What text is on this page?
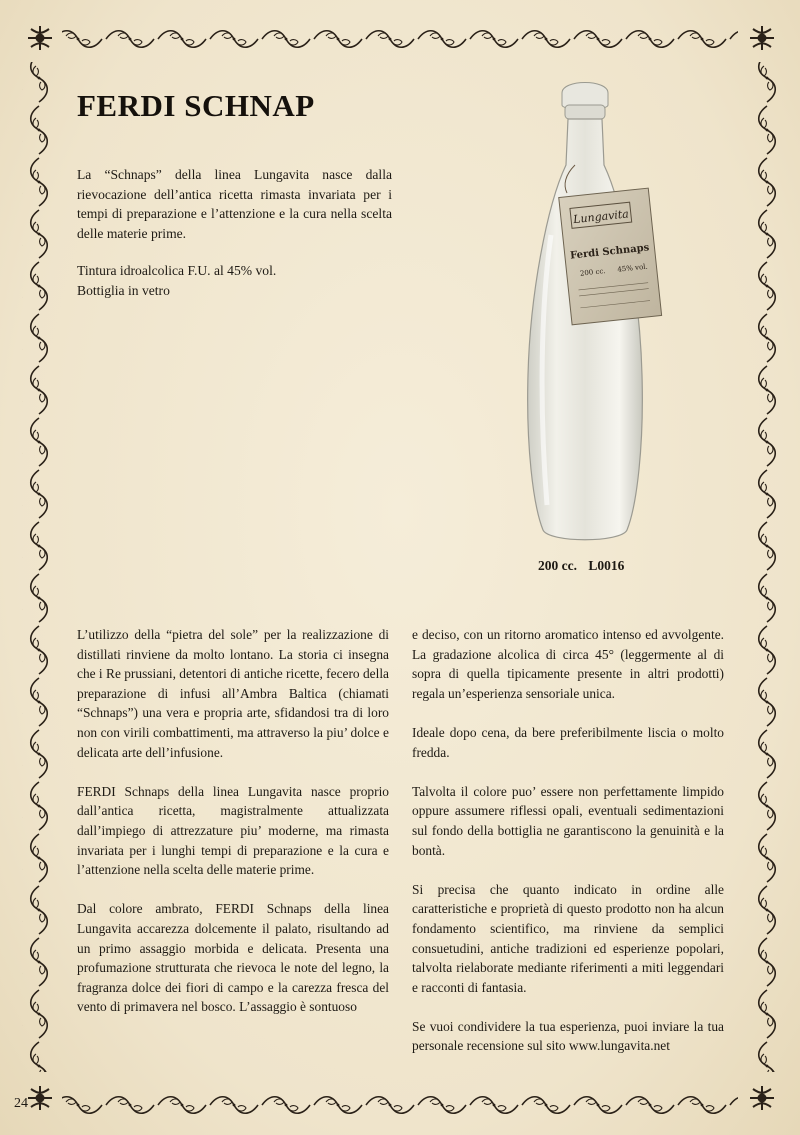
FERDI SCHNAP

La “Schnaps” della linea Lungavita nasce dalla rievocazione dell’antica ricetta rimasta invariata per i tempi di preparazione e l’attenzione e la cura nella scelta delle materie prime.

Tintura idroalcolica F.U. al 45% vol.
Bottiglia in vetro
Lungavita
Ferdi Schnaps
200 cc. 45% vol.
200 cc. L0016

L’utilizzo della “pietra del sole” per la realizzazione di distillati rinviene da molto lontano. La storia ci insegna che i Re prussiani, detentori di antiche ricette, fecero della preparazione di infusi all’Ambra Baltica (chiamati “Schnaps”) una vera e propria arte, sfidandosi tra di loro non con virili combattimenti, ma attraverso la piu’ dolce e delicata arte dell’infusione.

FERDI Schnaps della linea Lungavita nasce proprio dall’antica ricetta, magistralmente attualizzata dall’impiego di attrezzature piu’ moderne, ma rimasta invariata per i lunghi tempi di preparazione e la cura e l’attenzione nella scelta delle materie prime.

Dal colore ambrato, FERDI Schnaps della linea Lungavita accarezza dolcemente il palato, risultando ad un primo assaggio morbida e delicata. Presenta una profumazione strutturata che rievoca le note del legno, la fragranza dolce dei fiori di campo e la carezza fresca del vento di primavera nel bosco. L’assaggio è sontuoso

e deciso, con un ritorno aromatico intenso ed avvolgente. La gradazione alcolica di circa 45° (leggermente al di sopra di quella tipicamente presente in altri prodotti) regala un’esperienza sensoriale unica.

Ideale dopo cena, da bere preferibilmente liscia o molto fredda.

Talvolta il colore puo’ essere non perfettamente limpido oppure assumere riflessi opali, eventuali sedimentazioni sul fondo della bottiglia ne garantiscono la genuinità e la bontà.

Si precisa che quanto indicato in ordine alle caratteristiche e proprietà di questo prodotto non ha alcun fondamento scientifico, ma rinviene da semplici consuetudini, antiche tradizioni ed esperienze popolari, talvolta rielaborate mediante riferimenti a miti leggendari e racconti di fantasia.

Se vuoi condividere la tua esperienza, puoi inviare la tua personale recensione sul sito www.lungavita.net

24
